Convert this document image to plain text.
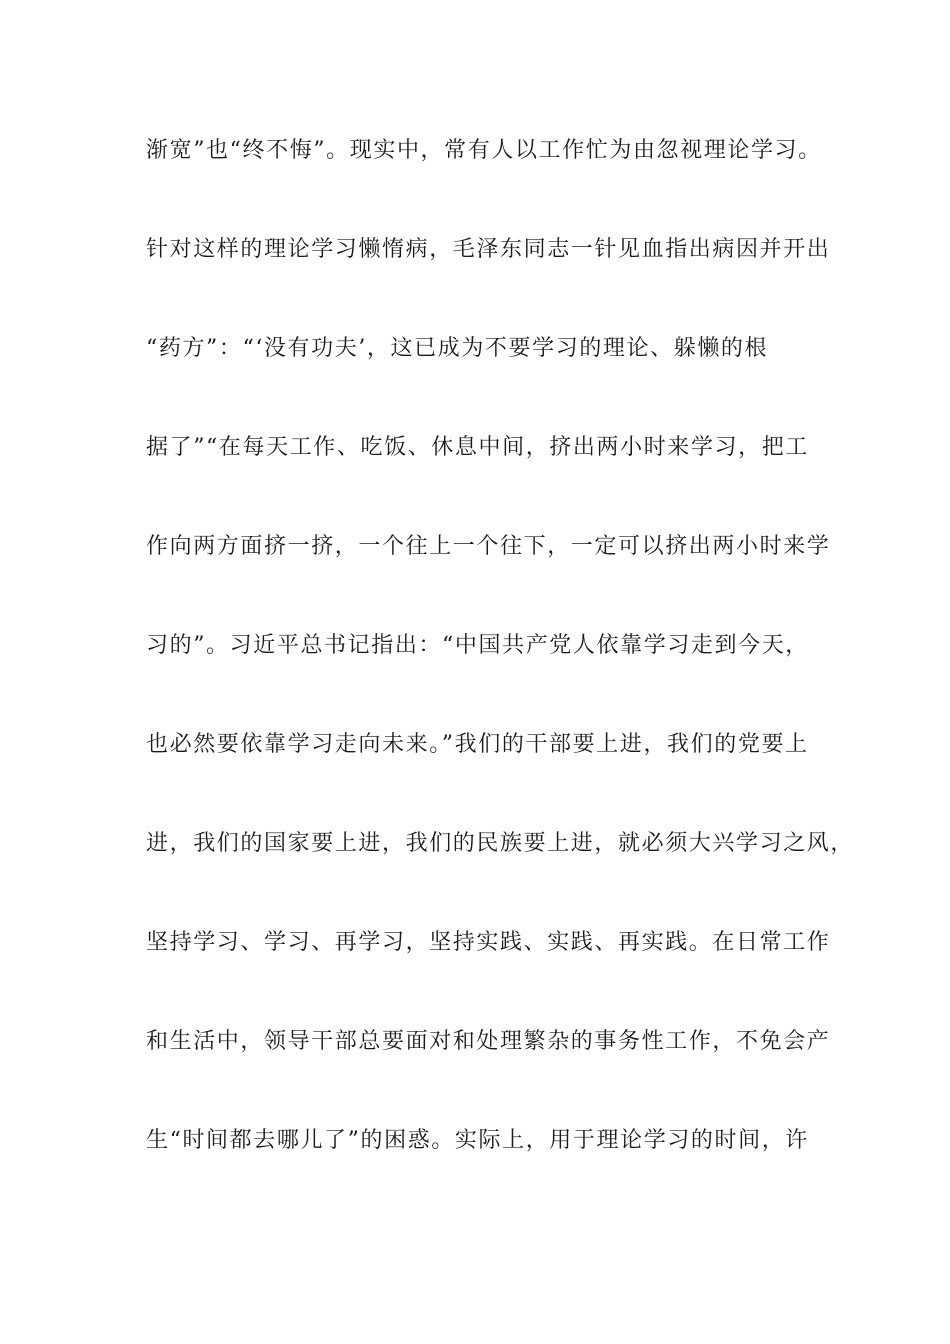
渐宽”也“终不悔”。现实中，常有人以工作忙为由忽视理论学习。
针对这样的理论学习懒惰病，毛泽东同志一针见血指出病因并开出
“药方”：“‘没有功夫’，这已成为不要学习的理论、躲懒的根
据了”“在每天工作、吃饭、休息中间，挤出两小时来学习，把工
作向两方面挤一挤，一个往上一个往下，一定可以挤出两小时来学
习的”。习近平总书记指出：“中国共产党人依靠学习走到今天，
也必然要依靠学习走向未来。”我们的干部要上进，我们的党要上
进，我们的国家要上进，我们的民族要上进，就必须大兴学习之风，
坚持学习、学习、再学习，坚持实践、实践、再实践。在日常工作
和生活中，领导干部总要面对和处理繁杂的事务性工作，不免会产
生“时间都去哪儿了”的困惑。实际上，用于理论学习的时间，许
